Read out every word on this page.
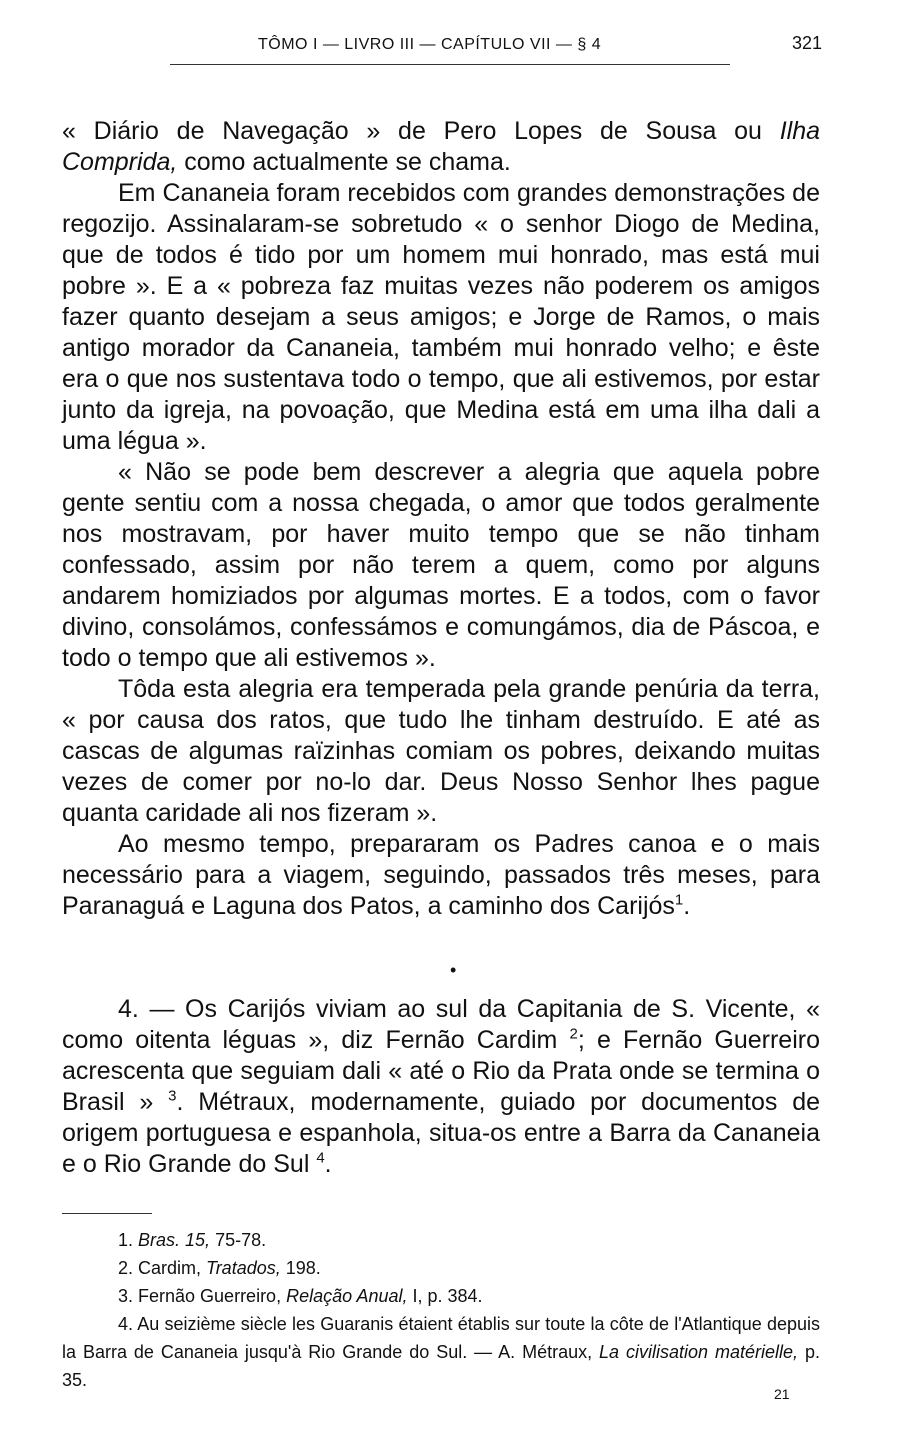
TÔMO I — LIVRO III — CAPÍTULO VII — § 4	321

« Diário de Navegação » de Pero Lopes de Sousa ou Ilha Comprida, como actualmente se chama.

Em Cananeia foram recebidos com grandes demonstrações de regozijo. Assinalaram-se sobretudo « o senhor Diogo de Medina, que de todos é tido por um homem mui honrado, mas está mui pobre ». E a « pobreza faz muitas vezes não poderem os amigos fazer quanto desejam a seus amigos; e Jorge de Ramos, o mais antigo morador da Cananeia, também mui honrado velho; e êste era o que nos sustentava todo o tempo, que ali estivemos, por estar junto da igreja, na povoação, que Medina está em uma ilha dali a uma légua ».

« Não se pode bem descrever a alegria que aquela pobre gente sentiu com a nossa chegada, o amor que todos geralmente nos mostravam, por haver muito tempo que se não tinham confessado, assim por não terem a quem, como por alguns andarem homiziados por algumas mortes. E a todos, com o favor divino, consolámos, confessámos e comungámos, dia de Páscoa, e todo o tempo que ali estivemos ».

Tôda esta alegria era temperada pela grande penúria da terra, « por causa dos ratos, que tudo lhe tinham destruído. E até as cascas de algumas raïzinhas comiam os pobres, deixando muitas vezes de comer por no-lo dar. Deus Nosso Senhor lhes pague quanta caridade ali nos fizeram ».

Ao mesmo tempo, prepararam os Padres canoa e o mais necessário para a viagem, seguindo, passados três meses, para Paranaguá e Laguna dos Patos, a caminho dos Carijós$^1$.

•

4. — Os Carijós viviam ao sul da Capitania de S. Vicente, « como oitenta léguas », diz Fernão Cardim $^2$; e Fernão Guerreiro acrescenta que seguiam dali « até o Rio da Prata onde se termina o Brasil » $^3$. Métraux, modernamente, guiado por documentos de origem portuguesa e espanhola, situa-os entre a Barra da Cananeia e o Rio Grande do Sul $^4$.

1. Bras. 15, 75-78.

2. Cardim, Tratados, 198.

3. Fernão Guerreiro, Relação Anual, I, p. 384.

4. Au seizième siècle les Guaranis étaient établis sur toute la côte de l'Atlantique depuis la Barra de Cananeia jusqu'à Rio Grande do Sul. — A. Métraux, La civilisation matérielle, p. 35.

21
